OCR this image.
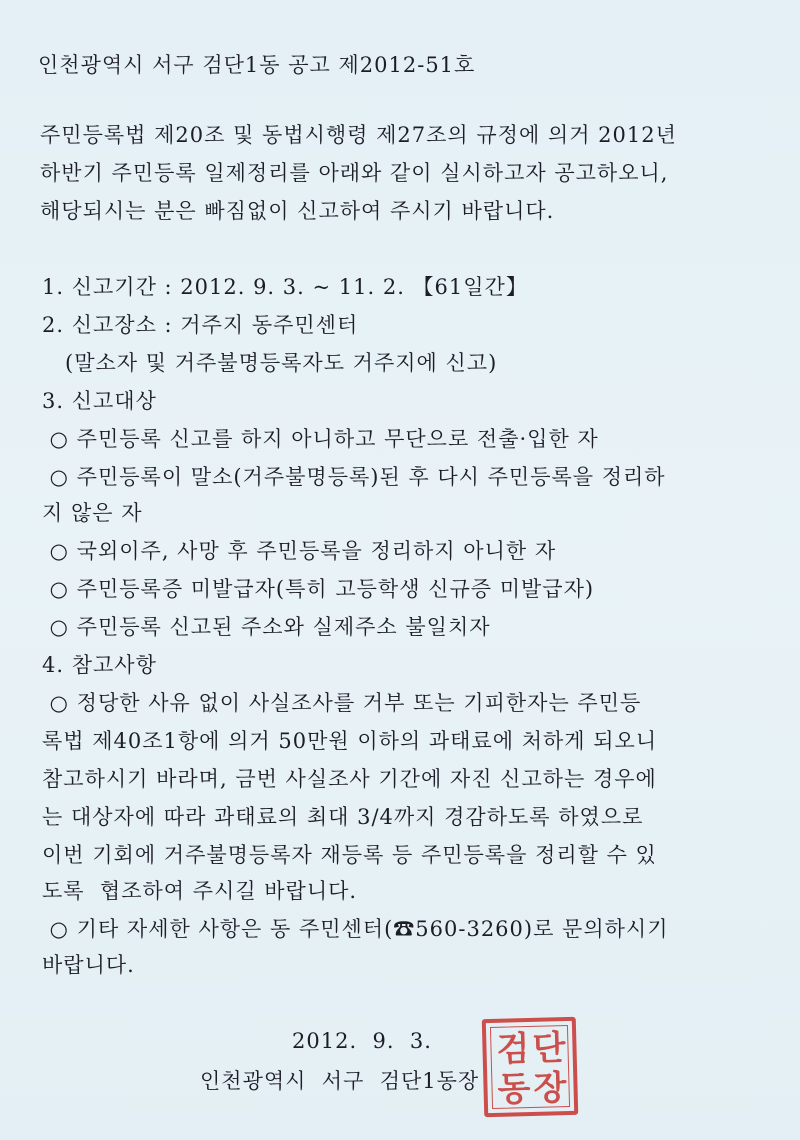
인천광역시 서구 검단1동 공고 제2012-51호
주민등록법 제20조 및 동법시행령 제27조의 규정에 의거 2012년
하반기 주민등록 일제정리를 아래와 같이 실시하고자 공고하오니,
해당되시는 분은 빠짐없이 신고하여 주시기 바랍니다.
1. 신고기간 : 2012. 9. 3. ~ 11. 2. 【61일간】
2. 신고장소 : 거주지 동주민센터
(말소자 및 거주불명등록자도 거주지에 신고)
3. 신고대상
○ 주민등록 신고를 하지 아니하고 무단으로 전출·입한 자
○ 주민등록이 말소(거주불명등록)된 후 다시 주민등록을 정리하
지 않은 자
○ 국외이주, 사망 후 주민등록을 정리하지 아니한 자
○ 주민등록증 미발급자(특히 고등학생 신규증 미발급자)
○ 주민등록 신고된 주소와 실제주소 불일치자
4. 참고사항
○ 정당한 사유 없이 사실조사를 거부 또는 기피한자는 주민등
록법 제40조1항에 의거 50만원 이하의 과태료에 처하게 되오니
참고하시기 바라며, 금번 사실조사 기간에 자진 신고하는 경우에
는 대상자에 따라 과태료의 최대 3/4까지 경감하도록 하였으로
이번 기회에 거주불명등록자 재등록 등 주민등록을 정리할 수 있
도록  협조하여 주시길 바랍니다.
○ 기타 자세한 사항은 동 주민센터(☎560-3260)로 문의하시기
바랍니다.
2012.  9.  3.
인천광역시  서구  검단1동장
검 단
동 장
